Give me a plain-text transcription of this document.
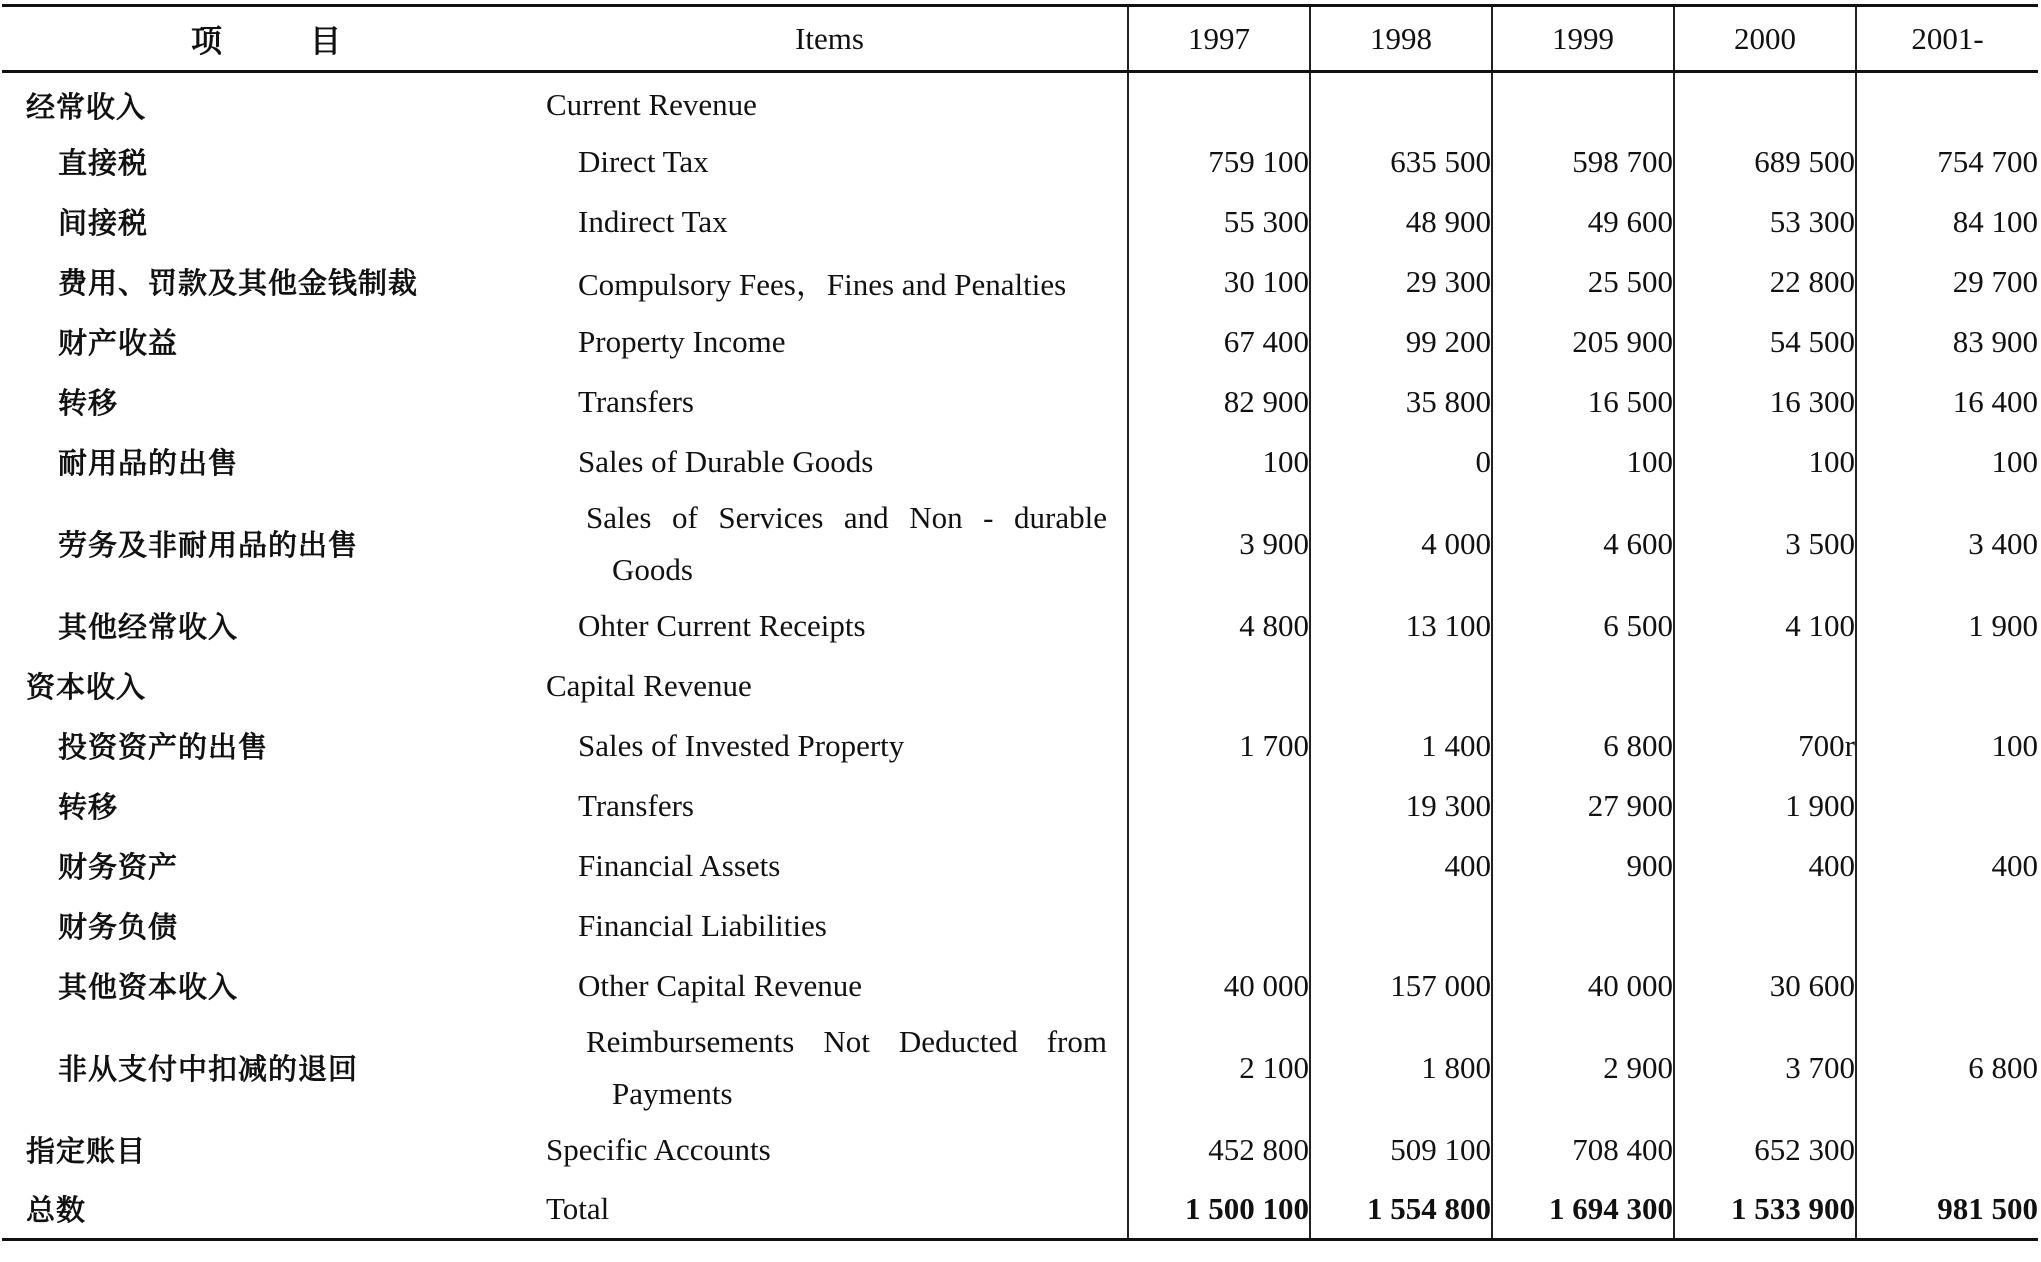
项 目	Items	1997	1998	1999	2000	2001-
经常收入	Current Revenue					
直接税	Direct Tax	759 100	635 500	598 700	689 500	754 700
间接税	Indirect Tax	55 300	48 900	49 600	53 300	84 100
费用、罚款及其他金钱制裁	Compulsory Fees，Fines and Penalties	30 100	29 300	25 500	22 800	29 700
财产收益	Property Income	67 400	99 200	205 900	54 500	83 900
转移	Transfers	82 900	35 800	16 500	16 300	16 400
耐用品的出售	Sales of Durable Goods	100	0	100	100	100
劳务及非耐用品的出售	Sales of Services and Non - durable
Goods	3 900	4 000	4 600	3 500	3 400
其他经常收入	Ohter Current Receipts	4 800	13 100	6 500	4 100	1 900
资本收入	Capital Revenue					
投资资产的出售	Sales of Invested Property	1 700	1 400	6 800	700r	100
转移	Transfers		19 300	27 900	1 900	
财务资产	Financial Assets		400	900	400	400
财务负债	Financial Liabilities					
其他资本收入	Other Capital Revenue	40 000	157 000	40 000	30 600	
非从支付中扣减的退回	Reimbursements Not Deducted from
Payments	2 100	1 800	2 900	3 700	6 800
指定账目	Specific Accounts	452 800	509 100	708 400	652 300	
总数	Total	1 500 100	1 554 800	1 694 300	1 533 900	981 500
